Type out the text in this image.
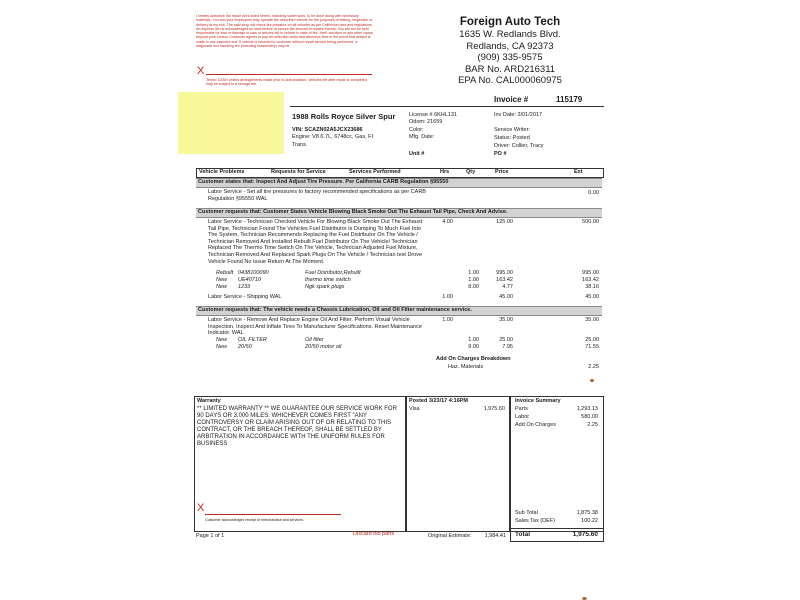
I hereby authorize the repair work listed herein, including sublet work, to be done along with necessary materials. You and your employees may operate the described vehicle for the purposes of testing, inspection or delivery at my risk. The said shop will check tire pressure on all vehicles as per California rules and regulations. An express lien is acknowledged on said vehicle to secure the amount of repairs thereto. You will not be held responsible for loss or damage to cars or articles left in vehicle in case of fire, theft, accident or any other cause beyond your control. Customer agrees to pay all collection costs and attorneys fees in the event that default is made in any payment due. If vehicle is returned to customer without repair service being performed, a diagnostic and handling fee (including reassembly) may be
X
Terms: CASH unless arrangements made prior to authorization. Vehicles left after repair is completed may be subject to a storage fee.
Foreign Auto Tech
1635 W. Redlands Blvd.
Redlands, CA 92373
(909) 335-9575
BAR No. ARD216311
EPA No. CAL000060975
Invoice #	115179
1988 Rolls Royce Silver Spur
VIN: SCAZN02A5JCX23686
Engine: V8 6.7L, 6748cc, Gas, FI
Trans.
License # 6KHL131
Odom: 21659
Color:
Mfg. Date:
Unit #
Inv Date: 3/01/2017
Service Writer:
Status: Posted
Driver: Collier, Tracy
PO #
Vehicle Problems	Requests for Service	Services Performed	Hrs	Qty	Price	Ext
Customer states that: Inspect And Adjust Tire Pressure. Per California CARB Regulation §95550
Labor Service - Set all tire pressures to factory recommended specifications as per CARB Regulation §95550 WAL
0.00
Customer requests that: Customer States Vehicle Blowing Black Smoke Out The Exhaust Tail Pipe, Check And Advise.
Labor Service - Technician Checked Vehicle For Blowing Black Smoke Out The Exhaust Tail Pipe, Technician Found The Vehicles Fuel Distributor Is Dumping To Much Fuel Into The System, Technician Recommends Replacing the Fuel Distributor On The Vehicle / Technician Removed And Installed Rebuilt Fuel Distributor On The Vehicle/ Technician Replaced The Thermo Time Switch On The Vehicle, Technician Adjusted Fuel Mixture, Technician Removed And Replaced Spark Plugs On The Vehicle / Technician test Drove Vehicle Found No Issue Return At The Moment.
4.00	125.00	500.00
Rebuilt 0438100090	Fuel Distributor,Rebuilt	1.00	995.00	995.00
New UE40710	thermo time switch	1.00	163.42	163.42
New 1233	Ngk spark plugs	8.00	4.77	38.16
Labor Service - Shipping WAL	1.00	45.00	45.00
Customer requests that: The vehicle needs a Chassis Lubrication, Oil and Oil Filter maintenance service.
Labor Service - Remove And Replace Engine Oil And Filter. Perform Visual Vehicle Inspection. Inspect And Inflate Tires To Manufacturer Specifications. Reset Maintenance Indicator. WAL
1.00	35.00	35.00
New OIL FILTER	Oil filter	1.00	25.00	25.00
New 20/50	20/50 motor oil	9.00	7.95	71.55
Add On Charges Breakdown
Haz. Materials	2.25
Warranty
** LIMITED WARRANTY ** WE GUARANTEE OUR SERVICE WORK FOR 90 DAYS OR 3,000 MILES. WHICHEVER COMES FIRST "ANY CONTROVERSY OR CLAIM ARISING OUT OF OR RELATING TO THIS CONTRACT, OR THE BREACH THEREOF, SHALL BE SETTLED BY ARBITRATION IN ACCORDANCE WITH THE UNIFORM RULES FOR BUSINESS
X
Customer acknowledges receipt of merchandise and services.
Posted 3/23/17 4:16PM
Visa	1,975.60
Invoice Summary
Parts	1,293.13
Labor	580.00
Add On Charges	2.25
Sub Total	1,875.38
Sales Tax (DEF)	100.22
Total	1,975.60
Page 1 of 1	Discard old parts	Original Estimate:	1,984.41
